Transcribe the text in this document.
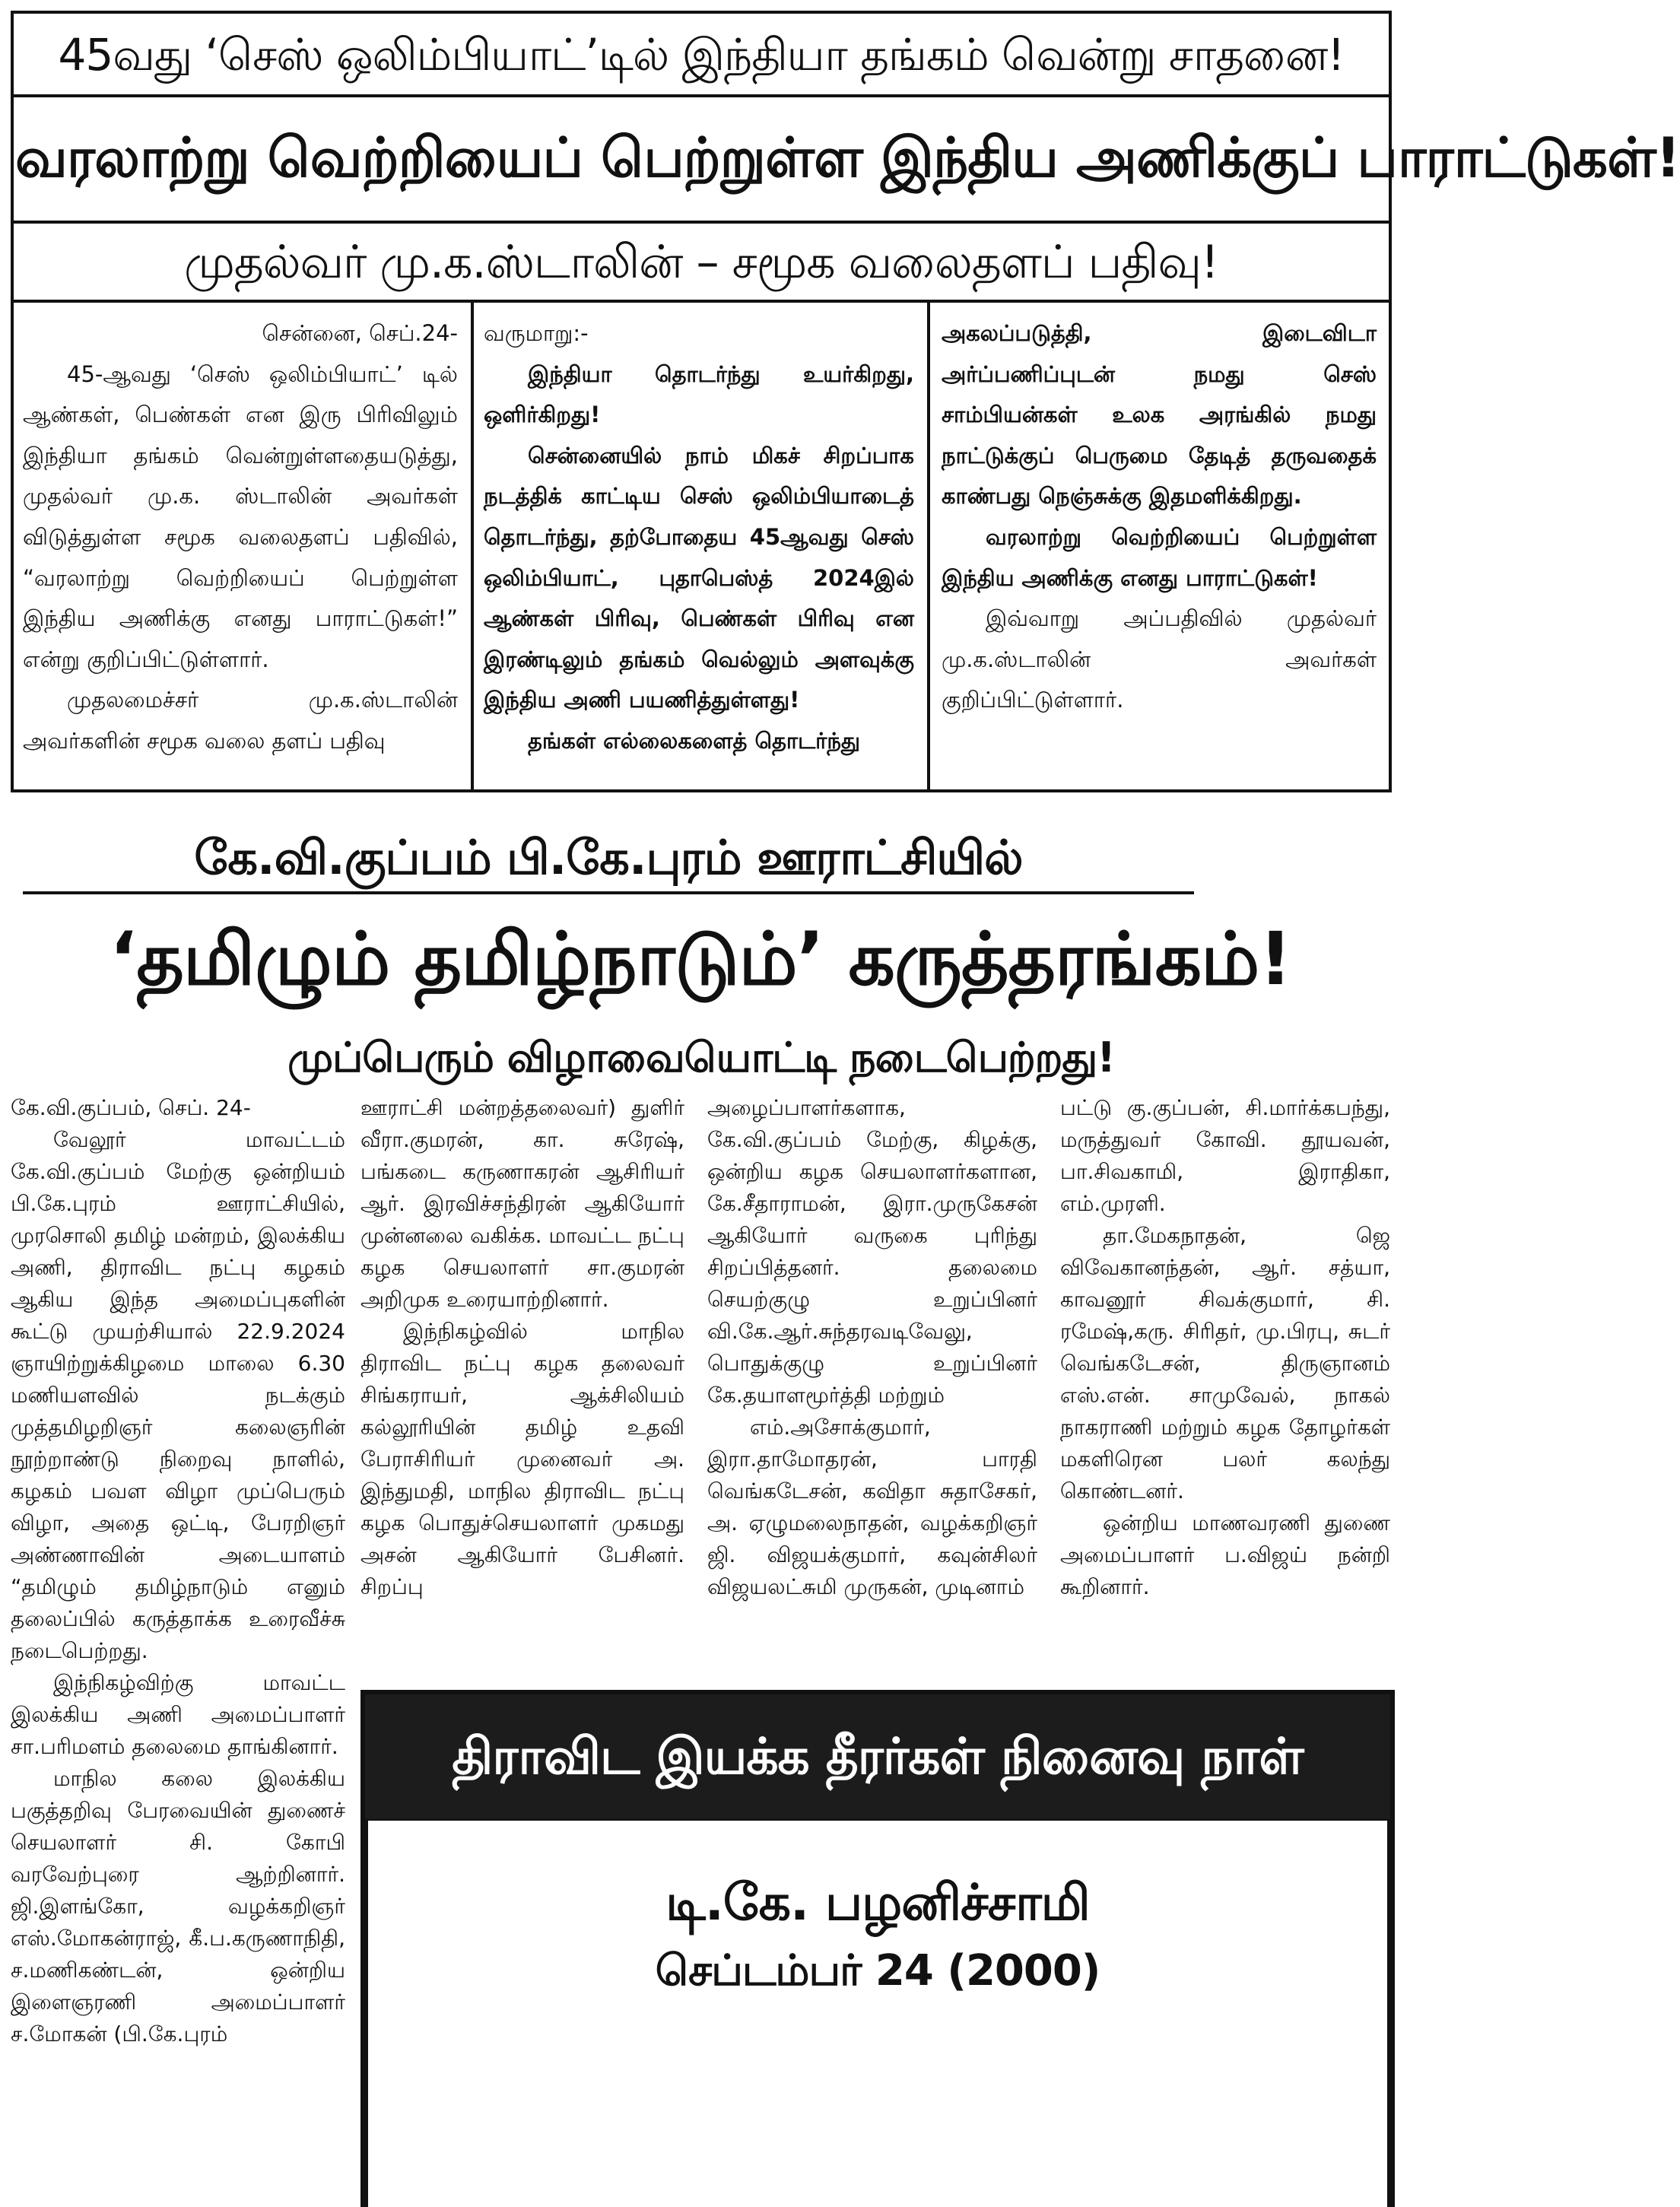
45வது ‘செஸ் ஒலிம்பியாட்’டில் இந்தியா தங்கம் வென்று சாதனை!
வரலாற்று வெற்றியைப் பெற்றுள்ள இந்திய அணிக்குப் பாராட்டுகள்!
முதல்வர் மு.க.ஸ்டாலின் – சமூக வலைதளப் பதிவு!

சென்னை, செப்.24-

45-ஆவது ‘செஸ் ஒலிம்பியாட்’ டில் ஆண்கள், பெண்கள் என இரு பிரிவிலும் இந்தியா தங்கம் வென்றுள்ளதையடுத்து, முதல்வர் மு.க. ஸ்டாலின் அவர்கள் விடுத்துள்ள சமூக வலைதளப் பதிவில், “வரலாற்று வெற்றியைப் பெற்றுள்ள இந்திய அணிக்கு எனது பாராட்டுகள்!” என்று குறிப்பிட்டுள்ளார்.

முதலமைச்சர் மு.க.ஸ்டாலின் அவர்களின் சமூக வலை தளப் பதிவு

வருமாறு:-

இந்தியா தொடர்ந்து உயர்கிறது, ஒளிர்கிறது!

சென்னையில் நாம் மிகச் சிறப்பாக நடத்திக் காட்டிய செஸ் ஒலிம்பியாடைத் தொடர்ந்து, தற்போதைய 45ஆவது செஸ் ஒலிம்பியாட், புதாபெஸ்த் 2024இல் ஆண்கள் பிரிவு, பெண்கள் பிரிவு என இரண்டிலும் தங்கம் வெல்லும் அளவுக்கு இந்திய அணி பயணித்துள்ளது!

தங்கள் எல்லைகளைத் தொடர்ந்து

அகலப்படுத்தி, இடைவிடா அர்ப்பணிப்புடன் நமது செஸ் சாம்பியன்கள் உலக அரங்கில் நமது நாட்டுக்குப் பெருமை தேடித் தருவதைக் காண்பது நெஞ்சுக்கு இதமளிக்கிறது.

வரலாற்று வெற்றியைப் பெற்றுள்ள இந்திய அணிக்கு எனது பாராட்டுகள்!

இவ்வாறு அப்பதிவில் முதல்வர் மு.க.ஸ்டாலின் அவர்கள் குறிப்பிட்டுள்ளார்.

கே.வி.குப்பம் பி.கே.புரம் ஊராட்சியில்
‘தமிழும் தமிழ்நாடும்’ கருத்தரங்கம்!
முப்பெரும் விழாவையொட்டி நடைபெற்றது!

கே.வி.குப்பம், செப். 24-

வேலூர் மாவட்டம் கே.வி.குப்பம் மேற்கு ஒன்றியம் பி.கே.புரம் ஊராட்சியில், முரசொலி தமிழ் மன்றம், இலக்கிய அணி, திராவிட நட்பு கழகம் ஆகிய இந்த அமைப்புகளின் கூட்டு முயற்சியால் 22.9.2024 ஞாயிற்றுக்கிழமை மாலை 6.30 மணியளவில் நடக்கும் முத்தமிழறிஞர் கலைஞரின் நூற்றாண்டு நிறைவு நாளில், கழகம் பவள விழா முப்பெரும் விழா, அதை ஒட்டி, பேரறிஞர் அண்ணாவின் அடையாளம் “தமிழும் தமிழ்நாடும் எனும் தலைப்பில் கருத்தாக்க உரைவீச்சு நடைபெற்றது.

இந்நிகழ்விற்கு மாவட்ட இலக்கிய அணி அமைப்பாளர் சா.பரிமளம் தலைமை தாங்கினார்.

மாநில கலை இலக்கிய பகுத்தறிவு பேரவையின் துணைச் செயலாளர் சி. கோபி வரவேற்புரை ஆற்றினார். ஜி.இளங்கோ, வழக்கறிஞர் எஸ்.மோகன்ராஜ், கீ.ப.கருணாநிதி, ச.மணிகண்டன், ஒன்றிய இளைஞரணி அமைப்பாளர் ச.மோகன் (பி.கே.புரம்

ஊராட்சி மன்றத்தலைவர்) துளிர் வீரா.குமரன், கா. சுரேஷ், பங்கடை கருணாகரன் ஆசிரியர் ஆர். இரவிச்சந்திரன் ஆகியோர் முன்னலை வகிக்க. மாவட்ட நட்பு கழக செயலாளர் சா.குமரன் அறிமுக உரையாற்றினார்.

இந்நிகழ்வில் மாநில திராவிட நட்பு கழக தலைவர் சிங்கராயர், ஆக்சிலியம் கல்லூரியின் தமிழ் உதவி பேராசிரியர் முனைவர் அ. இந்துமதி, மாநில திராவிட நட்பு கழக பொதுச்செயலாளர் முகமது அசன் ஆகியோர் பேசினர். சிறப்பு

அழைப்பாளர்களாக, கே.வி.குப்பம் மேற்கு, கிழக்கு, ஒன்றிய கழக செயலாளர்களான, கே.சீதாராமன், இரா.முருகேசன் ஆகியோர் வருகை புரிந்து சிறப்பித்தனர். தலைமை செயற்குழு உறுப்பினர் வி.கே.ஆர்.சுந்தரவடிவேலு, பொதுக்குழு உறுப்பினர் கே.தயாளமூர்த்தி மற்றும்

எம்.அசோக்குமார், இரா.தாமோதரன், பாரதி வெங்கடேசன், கவிதா சுதாசேகர், அ. ஏழுமலைநாதன், வழக்கறிஞர் ஜி. விஜயக்குமார், கவுன்சிலர் விஜயலட்சுமி முருகன், முடினாம்

பட்டு கு.குப்பன், சி.மார்க்கபந்து, மருத்துவர் கோவி. தூயவன், பா.சிவகாமி, இராதிகா, எம்.முரளி.

தா.மேகநாதன், ஜெ விவேகானந்தன், ஆர். சத்யா, காவனூர் சிவக்குமார், சி. ரமேஷ்,கரு. சிரிதர், மு.பிரபு, சுடர் வெங்கடேசன், திருஞானம் எஸ்.என். சாமுவேல், நாகல் நாகராணி மற்றும் கழக தோழர்கள் மகளிரென பலர் கலந்து கொண்டனர்.

ஒன்றிய மாணவரணி துணை அமைப்பாளர் ப.விஜய் நன்றி கூறினார்.

திராவிட இயக்க தீரர்கள் நினைவு நாள்
டி.கே. பழனிச்சாமி
செப்டம்பர் 24 (2000)
